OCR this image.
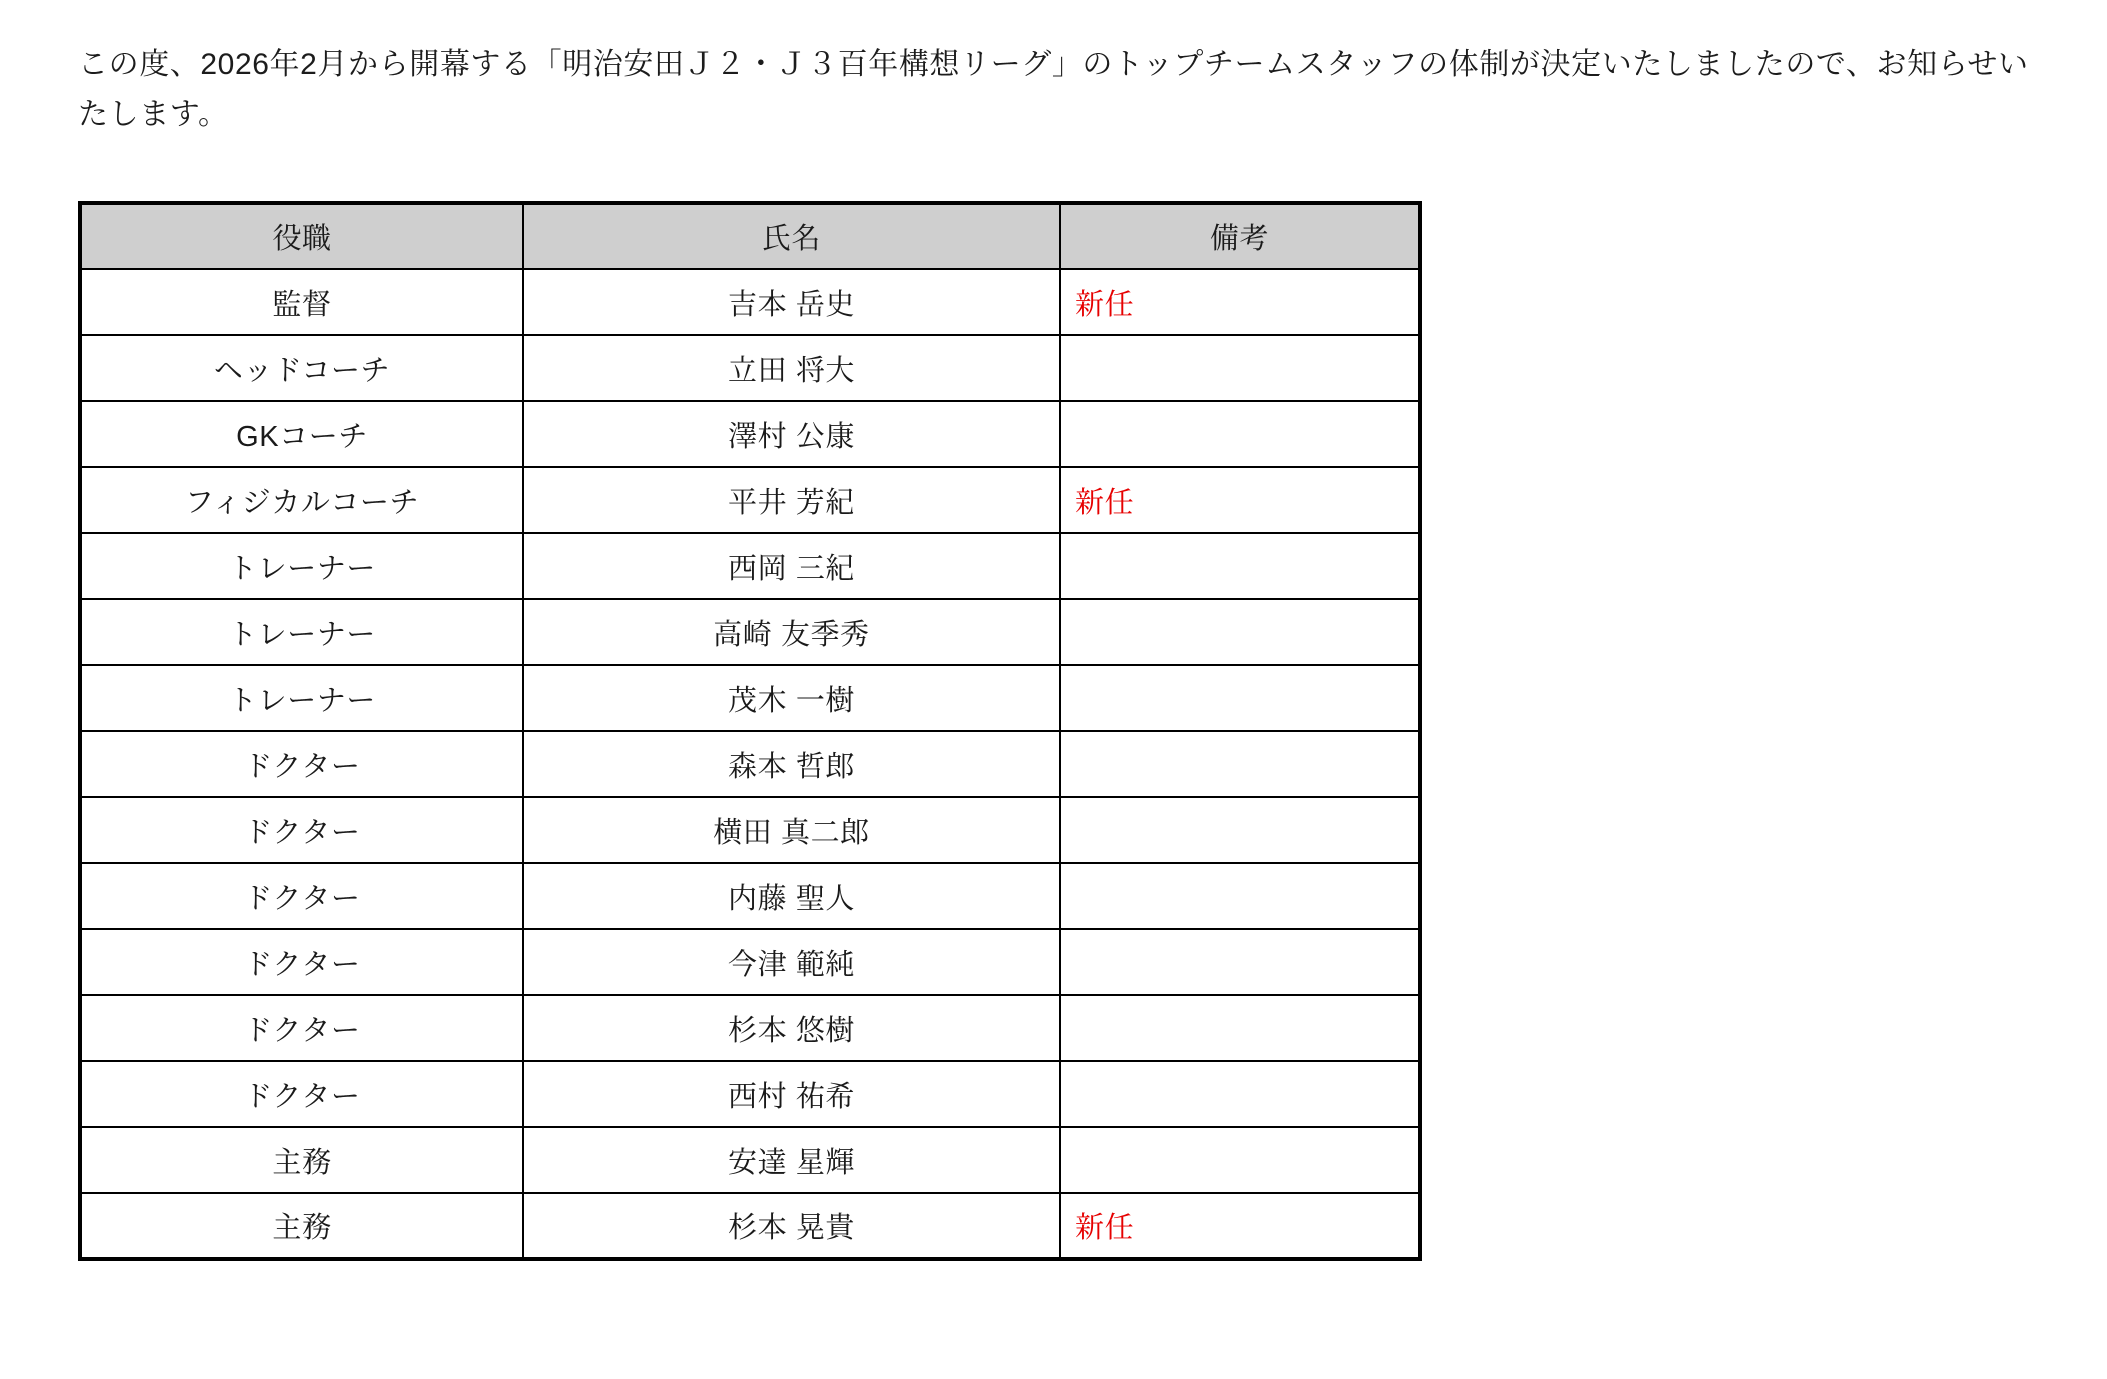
この度、2026年2月から開幕する「明治安田Ｊ２・Ｊ３百年構想リーグ」のトップチームスタッフの体制が決定いたしましたので、お知らせいたします。

役職	氏名	備考
監督	吉本 岳史	新任
ヘッドコーチ	立田 将大	
GKコーチ	澤村 公康	
フィジカルコーチ	平井 芳紀	新任
トレーナー	西岡 三紀	
トレーナー	高崎 友季秀	
トレーナー	茂木 一樹	
ドクター	森本 哲郎	
ドクター	横田 真二郎	
ドクター	内藤 聖人	
ドクター	今津 範純	
ドクター	杉本 悠樹	
ドクター	西村 祐希	
主務	安達 星輝	
主務	杉本 晃貴	新任
